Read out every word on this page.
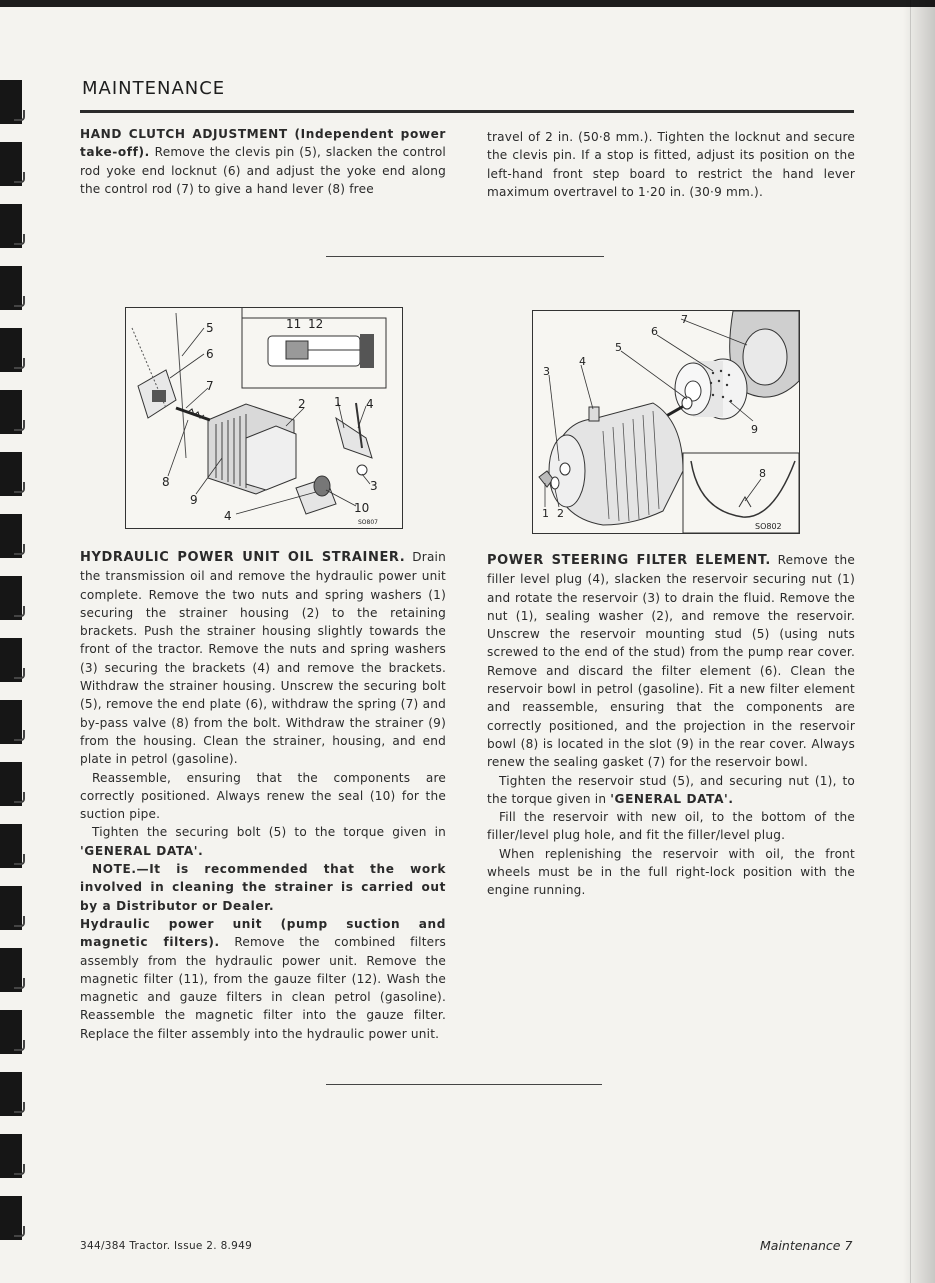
MAINTENANCE

HAND CLUTCH ADJUSTMENT (Independent power take-off). Remove the clevis pin (5), slacken the control rod yoke end locknut (6) and adjust the yoke end along the control rod (7) to give a hand lever (8) free

travel of 2 in. (50·8 mm.). Tighten the locknut and secure the clevis pin. If a stop is fitted, adjust its position on the left-hand front step board to restrict the hand lever maximum overtravel to 1·20 in. (30·9 mm.).

5
6
7
8
9
4
2 1 4
3
10
11 12
SO807
7
6
5
4
3
9
8
1 2
SO802

HYDRAULIC POWER UNIT OIL STRAINER. Drain the transmission oil and remove the hydraulic power unit complete. Remove the two nuts and spring washers (1) securing the strainer housing (2) to the retaining brackets. Push the strainer housing slightly towards the front of the tractor. Remove the nuts and spring washers (3) securing the brackets (4) and remove the brackets. Withdraw the strainer housing. Unscrew the securing bolt (5), remove the end plate (6), withdraw the spring (7) and by-pass valve (8) from the bolt. Withdraw the strainer (9) from the housing. Clean the strainer, housing, and end plate in petrol (gasoline).

Reassemble, ensuring that the components are correctly positioned. Always renew the seal (10) for the suction pipe.

Tighten the securing bolt (5) to the torque given in 'GENERAL DATA'.

NOTE.—It is recommended that the work involved in cleaning the strainer is carried out by a Distributor or Dealer.

Hydraulic power unit (pump suction and magnetic filters). Remove the combined filters assembly from the hydraulic power unit. Remove the magnetic filter (11), from the gauze filter (12). Wash the magnetic and gauze filters in clean petrol (gasoline). Reassemble the magnetic filter into the gauze filter. Replace the filter assembly into the hydraulic power unit.

POWER STEERING FILTER ELEMENT. Remove the filler level plug (4), slacken the reservoir securing nut (1) and rotate the reservoir (3) to drain the fluid. Remove the nut (1), sealing washer (2), and remove the reservoir. Unscrew the reservoir mounting stud (5) (using nuts screwed to the end of the stud) from the pump rear cover. Remove and discard the filter element (6). Clean the reservoir bowl in petrol (gasoline). Fit a new filter element and reassemble, ensuring that the components are correctly positioned, and the projection in the reservoir bowl (8) is located in the slot (9) in the rear cover. Always renew the sealing gasket (7) for the reservoir bowl.

Tighten the reservoir stud (5), and securing nut (1), to the torque given in 'GENERAL DATA'.

Fill the reservoir with new oil, to the bottom of the filler/level plug hole, and fit the filler/level plug.

When replenishing the reservoir with oil, the front wheels must be in the full right-lock position with the engine running.

344/384 Tractor. Issue 2. 8.949	Maintenance 7
